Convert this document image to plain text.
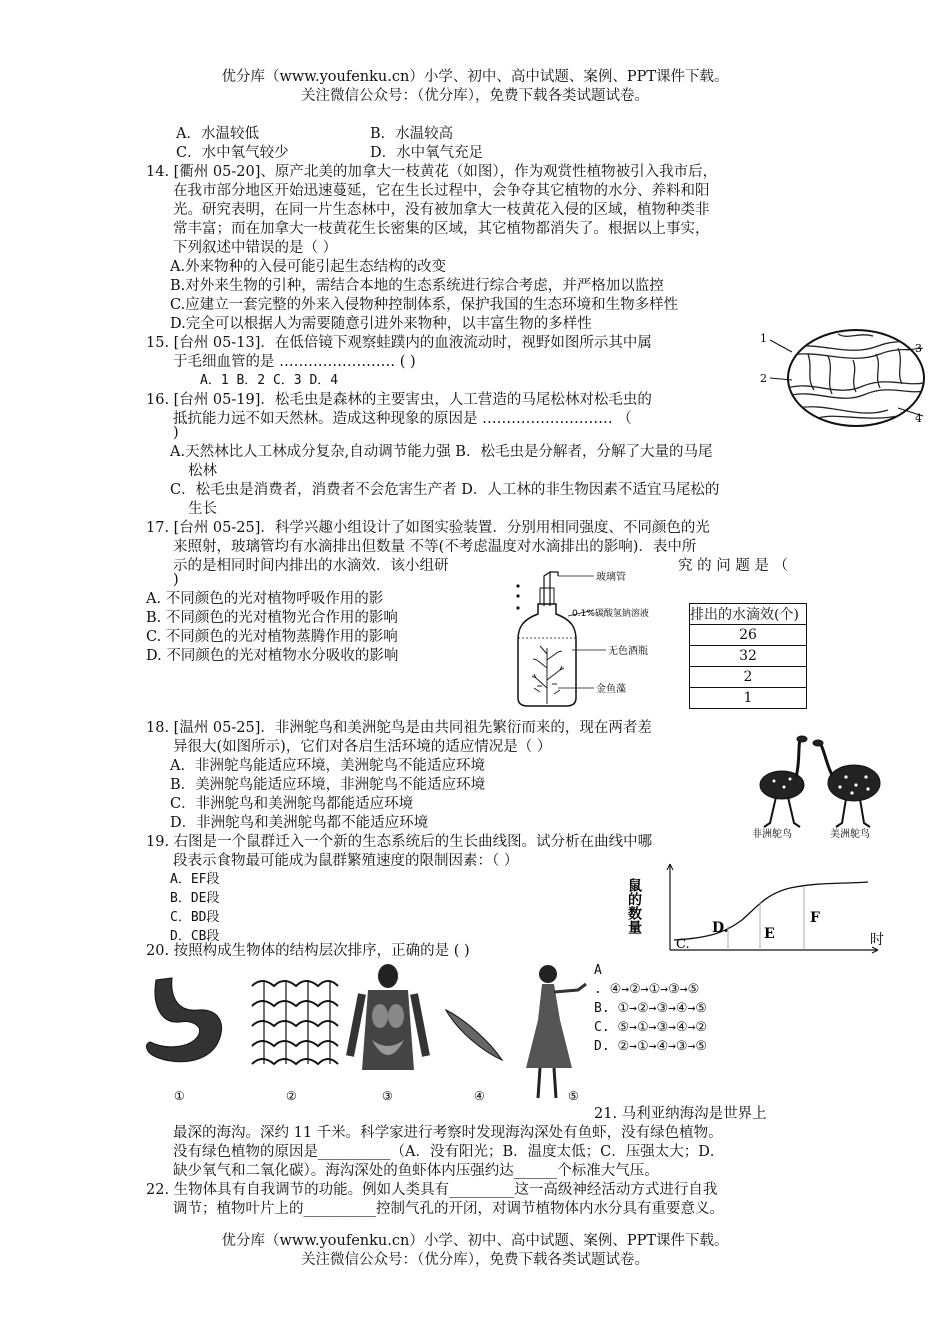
优分库（www.youfenku.cn）小学、初中、高中试题、案例、PPT课件下载。
关注微信公众号：（优分库），免费下载各类试题试卷。
A．水温较低	B．水温较高
C．水中氧气较少	D．水中氧气充足
14. [衢州 05-20]、原产北美的加拿大一枝黄花（如图），作为观赏性植物被引入我市后，
在我市部分地区开始迅速蔓延，它在生长过程中，会争夺其它植物的水分、养料和阳
光。研究表明，在同一片生态林中，没有被加拿大一枝黄花入侵的区域，植物种类非
常丰富；而在加拿大一枝黄花生长密集的区域，其它植物都消失了。根据以上事实，
下列叙述中错误的是（ ）
A.外来物种的入侵可能引起生态结构的改变
B.对外来生物的引种，需结合本地的生态系统进行综合考虑，并严格加以监控
C.应建立一套完整的外来入侵物种控制体系，保护我国的生态环境和生物多样性
D.完全可以根据人为需要随意引进外来物种，以丰富生物的多样性
15. [台州 05-13]．在低倍镜下观察蛙蹼内的血液流动时，视野如图所示其中属
于毛细血管的是 …………………… ( )
A．1 B．2 C．3 D．4
1
2
3
4
16. [台州 05-19]．松毛虫是森林的主要害虫，人工营造的马尾松林对松毛虫的
抵抗能力远不如天然林。造成这种现象的原因是 ……………………… （
)
A.天然林比人工林成分复杂,自动调节能力强 B．松毛虫是分解者，分解了大量的马尾
松林
C．松毛虫是消费者，消费者不会危害生产者 D．人工林的非生物因素不适宜马尾松的
生长
17. [台州 05-25]．科学兴趣小组设计了如图实验装置．分别用相同强度、不同颜色的光
来照射，玻璃管均有水滴排出但数量 不等(不考虑温度对水滴排出的影响)．表中所
示的是相同时间内排出的水滴效．该小组研	究 的 问 题 是 （
)
A. 不同颜色的光对植物呼吸作用的影
B. 不同颜色的光对植物光合作用的影响
C. 不同颜色的光对植物蒸腾作用的影响
D. 不同颜色的光对植物水分吸收的影响
玻璃管
0.1%碳酸氢钠溶液
无色酒瓶
金鱼藻
排出的水滴效(个)
26
32
2
1
18. [温州 05-25]．非洲鸵鸟和美洲鸵鸟是由共同祖先繁衍而来的，现在两者差
异很大(如图所示)，它们对各启生活环境的适应情况是（ ）
A．非洲鸵鸟能适应环境，美洲鸵鸟不能适应环境
B．美洲鸵鸟能适应环境，非洲鸵鸟不能适应环境
C．非洲鸵鸟和美洲鸵鸟都能适应环境
D．非洲鸵鸟和美洲鸵鸟都不能适应环境
非洲鸵鸟	美洲鸵鸟
19. 右图是一个鼠群迁入一个新的生态系统后的生长曲线图。试分析在曲线中哪
段表示食物最可能成为鼠群繁殖速度的限制因素：（ ）
A．EF段
B．DE段
C．BD段
D．CB段
鼠的数量
C.
D.	E
F
时
20. 按照构成生物体的结构层次排序，正确的是 ( )
A
. ④→②→①→③→⑤
B. ①→②→③→④→⑤
C. ⑤→①→③→④→②
D. ②→①→④→③→⑤
①	②	③	④	⑤
21. 马利亚纳海沟是世界上
最深的海沟。深约 11 千米。科学家进行考察时发现海沟深处有鱼虾，没有绿色植物。
没有绿色植物的原因是__________（A．没有阳光；B．温度太低；C．压强太大；D．
缺少氧气和二氧化碳）。海沟深处的鱼虾体内压强约达______个标准大气压。
22. 生物体具有自我调节的功能。例如人类具有_________这一高级神经活动方式进行自我
调节；植物叶片上的__________控制气孔的开闭，对调节植物体内水分具有重要意义。
优分库（www.youfenku.cn）小学、初中、高中试题、案例、PPT课件下载。
关注微信公众号：（优分库），免费下载各类试题试卷。
